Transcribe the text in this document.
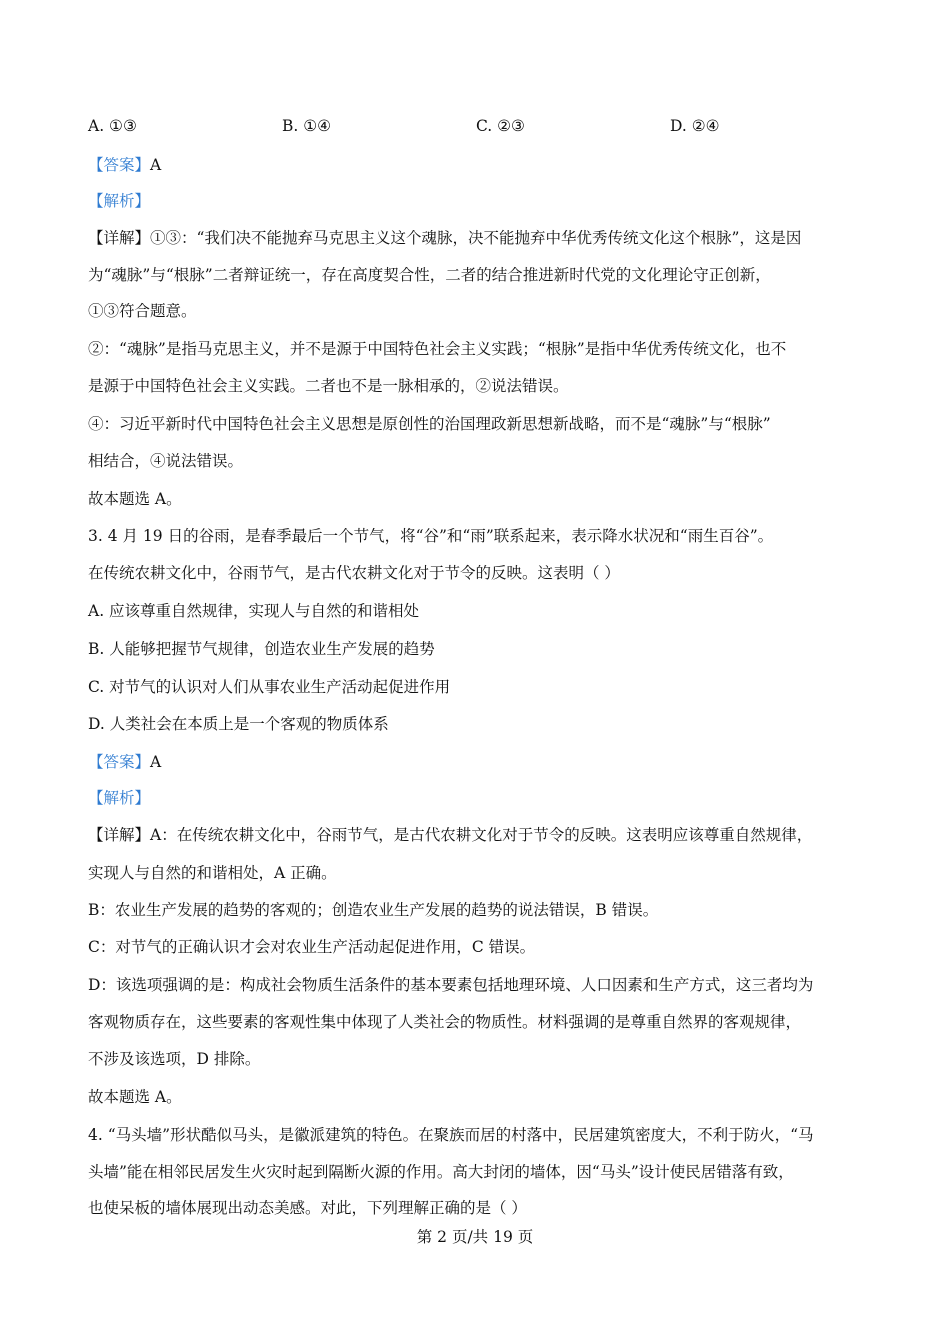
A. ①③	B. ①④	C. ②③	D. ②④

【答案】A

【解析】

【详解】①③：“我们决不能抛弃马克思主义这个魂脉，决不能抛弃中华优秀传统文化这个根脉”，这是因

为“魂脉”与“根脉”二者辩证统一，存在高度契合性，二者的结合推进新时代党的文化理论守正创新，

①③符合题意。

②：“魂脉”是指马克思主义，并不是源于中国特色社会主义实践；“根脉”是指中华优秀传统文化，也不

是源于中国特色社会主义实践。二者也不是一脉相承的，②说法错误。

④：习近平新时代中国特色社会主义思想是原创性的治国理政新思想新战略，而不是“魂脉”与“根脉”

相结合，④说法错误。

故本题选 A。

3. 4 月 19 日的谷雨，是春季最后一个节气，将“谷”和“雨”联系起来，表示降水状况和“雨生百谷”。

在传统农耕文化中，谷雨节气，是古代农耕文化对于节令的反映。这表明（ ）

A. 应该尊重自然规律，实现人与自然的和谐相处

B. 人能够把握节气规律，创造农业生产发展的趋势

C. 对节气的认识对人们从事农业生产活动起促进作用

D. 人类社会在本质上是一个客观的物质体系

【答案】A

【解析】

【详解】A：在传统农耕文化中，谷雨节气，是古代农耕文化对于节令的反映。这表明应该尊重自然规律，

实现人与自然的和谐相处，A 正确。

B：农业生产发展的趋势的客观的；创造农业生产发展的趋势的说法错误，B 错误。

C：对节气的正确认识才会对农业生产活动起促进作用，C 错误。

D：该选项强调的是：构成社会物质生活条件的基本要素包括地理环境、人口因素和生产方式，这三者均为

客观物质存在，这些要素的客观性集中体现了人类社会的物质性。材料强调的是尊重自然界的客观规律，

不涉及该选项，D 排除。

故本题选 A。

4. “马头墙”形状酷似马头，是徽派建筑的特色。在聚族而居的村落中，民居建筑密度大，不利于防火，“马

头墙”能在相邻民居发生火灾时起到隔断火源的作用。高大封闭的墙体，因“马头”设计使民居错落有致，

也使呆板的墙体展现出动态美感。对此，下列理解正确的是（ ）

第 2 页/共 19 页
